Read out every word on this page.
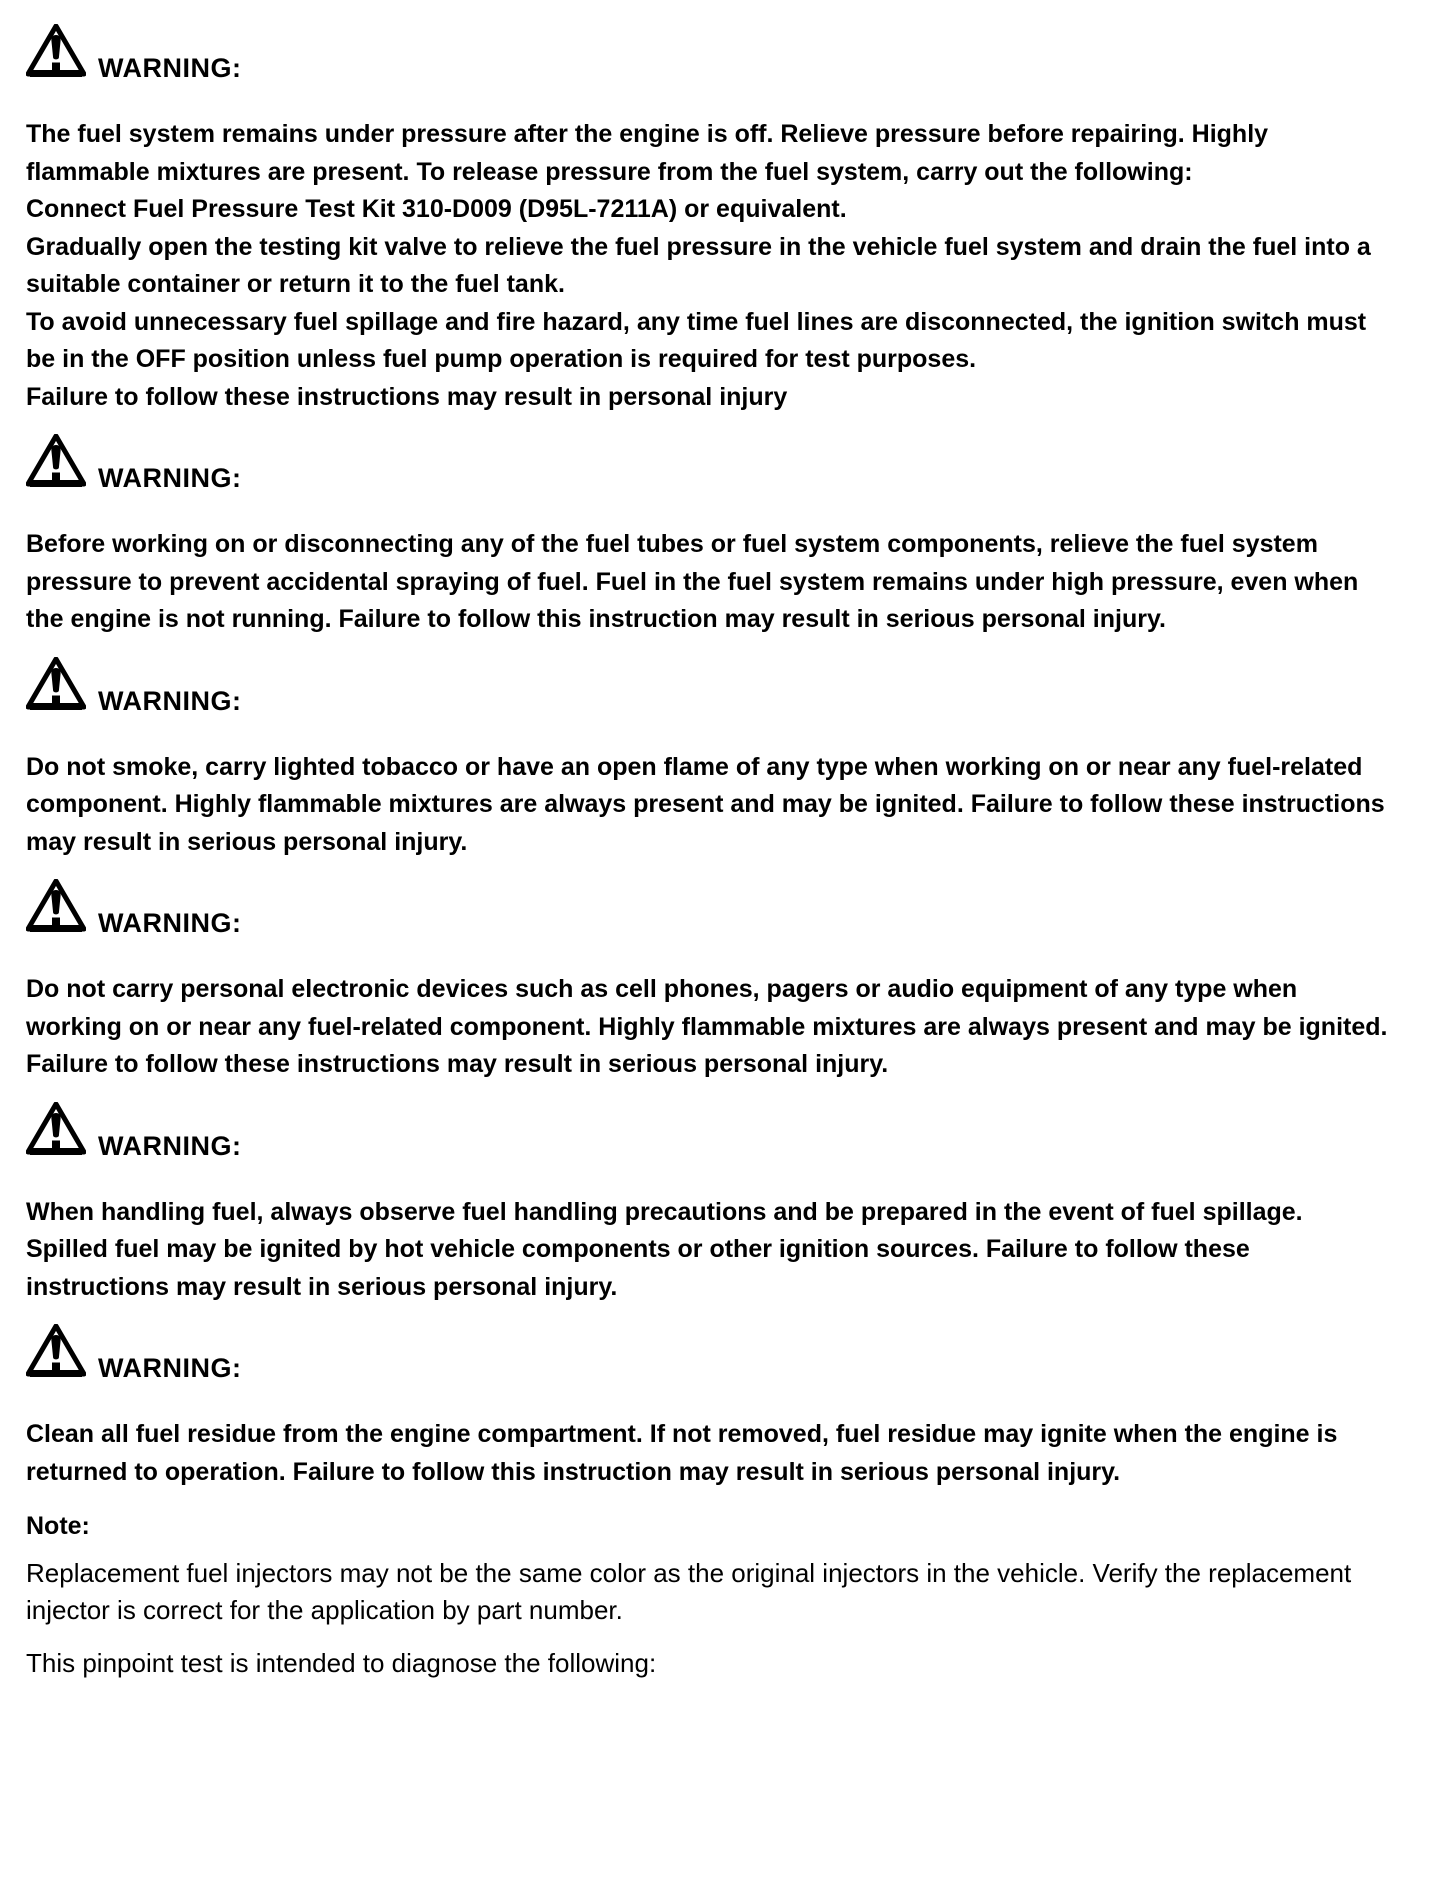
WARNING:

The fuel system remains under pressure after the engine is off. Relieve pressure before repairing. Highly flammable mixtures are present. To release pressure from the fuel system, carry out the following:

Connect Fuel Pressure Test Kit 310-D009 (D95L-7211A) or equivalent.

Gradually open the testing kit valve to relieve the fuel pressure in the vehicle fuel system and drain the fuel into a suitable container or return it to the fuel tank.

To avoid unnecessary fuel spillage and fire hazard, any time fuel lines are disconnected, the ignition switch must be in the OFF position unless fuel pump operation is required for test purposes.

Failure to follow these instructions may result in personal injury

WARNING:

Before working on or disconnecting any of the fuel tubes or fuel system components, relieve the fuel system pressure to prevent accidental spraying of fuel. Fuel in the fuel system remains under high pressure, even when the engine is not running. Failure to follow this instruction may result in serious personal injury.

WARNING:

Do not smoke, carry lighted tobacco or have an open flame of any type when working on or near any fuel-related component. Highly flammable mixtures are always present and may be ignited. Failure to follow these instructions may result in serious personal injury.

WARNING:

Do not carry personal electronic devices such as cell phones, pagers or audio equipment of any type when working on or near any fuel-related component. Highly flammable mixtures are always present and may be ignited. Failure to follow these instructions may result in serious personal injury.

WARNING:

When handling fuel, always observe fuel handling precautions and be prepared in the event of fuel spillage. Spilled fuel may be ignited by hot vehicle components or other ignition sources. Failure to follow these instructions may result in serious personal injury.

WARNING:

Clean all fuel residue from the engine compartment. If not removed, fuel residue may ignite when the engine is returned to operation. Failure to follow this instruction may result in serious personal injury.

Note:
Replacement fuel injectors may not be the same color as the original injectors in the vehicle. Verify the replacement injector is correct for the application by part number.
This pinpoint test is intended to diagnose the following:
